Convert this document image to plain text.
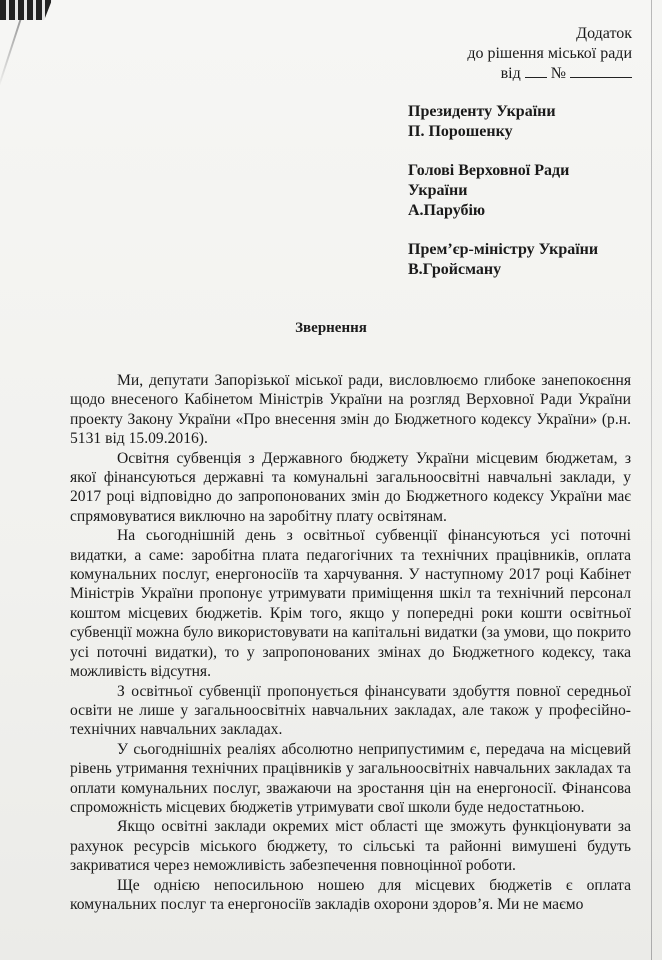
Додаток
до рішення міської ради
від №
Президенту України
П. Порошенку
Голові Верховної Ради
України
А.Парубію
Прем’єр-міністру України
В.Гройсману
Звернення

Ми, депутати Запорізької міської ради, висловлюємо глибоке занепокоєння щодо внесеного Кабінетом Міністрів України на розгляд Верховної Ради України проекту Закону України «Про внесення змін до Бюджетного кодексу України» (р.н. 5131 від 15.09.2016).

Освітня субвенція з Державного бюджету України місцевим бюджетам, з якої фінансуються державні та комунальні загальноосвітні навчальні заклади, у 2017 році відповідно до запропонованих змін до Бюджетного кодексу України має спрямовуватися виключно на заробітну плату освітянам.

На сьогоднішній день з освітньої субвенції фінансуються усі поточні видатки, а саме: заробітна плата педагогічних та технічних працівників, оплата комунальних послуг, енергоносіїв та харчування. У наступному 2017 році Кабінет Міністрів України пропонує утримувати приміщення шкіл та технічний персонал коштом місцевих бюджетів. Крім того, якщо у попередні роки кошти освітньої субвенції можна було використовувати на капітальні видатки (за умови, що покрито усі поточні видатки), то у запропонованих змінах до Бюджетного кодексу, така можливість відсутня.

З освітньої субвенції пропонується фінансувати здобуття повної середньої освіти не лише у загальноосвітніх навчальних закладах, але також у професійно-технічних навчальних закладах.

У сьогоднішніх реаліях абсолютно неприпустимим є, передача на місцевий рівень утримання технічних працівників у загальноосвітніх навчальних закладах та оплати комунальних послуг, зважаючи на зростання цін на енергоносії. Фінансова спроможність місцевих бюджетів утримувати свої школи буде недостатньою.

Якщо освітні заклади окремих міст області ще зможуть функціонувати за рахунок ресурсів міського бюджету, то сільські та районні вимушені будуть закриватися через неможливість забезпечення повноцінної роботи.

Ще однією непосильною ношею для місцевих бюджетів є оплата комунальних послуг та енергоносіїв закладів охорони здоров’я. Ми не маємо
